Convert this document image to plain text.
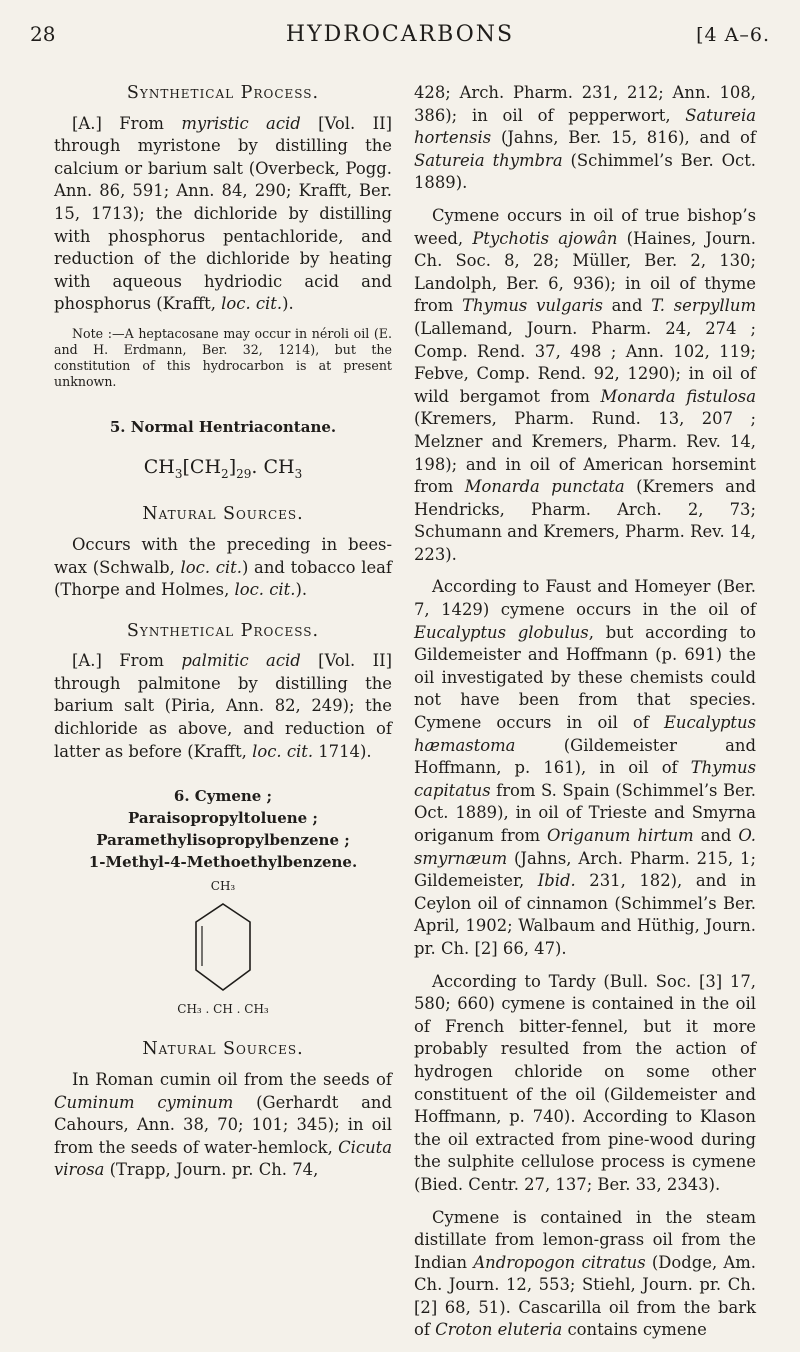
28	HYDROCARBONS	[4 A–6.
Synthetical Process.

[A.] From myristic acid [Vol. II] through myristone by distilling the calcium or barium salt (Overbeck, Pogg. Ann. 86, 591; Ann. 84, 290; Krafft, Ber. 15, 1713); the dichloride by distilling with phosphorus pentachloride, and reduction of the dichloride by heating with aqueous hydriodic acid and phosphorus (Krafft, loc. cit.).

Note :—A heptacosane may occur in néroli oil (E. and H. Erdmann, Ber. 32, 1214), but the constitution of this hydrocarbon is at present unknown.
5. Normal Hentriacontane.
$CH_3[CH_2]_{29}$. $CH_3$
Natural Sources.

Occurs with the preceding in bees-wax (Schwalb, loc. cit.) and tobacco leaf (Thorpe and Holmes, loc. cit.).

Synthetical Process.

[A.] From palmitic acid [Vol. II] through palmitone by distilling the barium salt (Piria, Ann. 82, 249); the dichloride as above, and reduction of latter as before (Krafft, loc. cit. 1714).

6. Cymene ;
Paraisopropyltoluene ;
Paramethylisopropylbenzene ;
1-Methyl-4-Methoethylbenzene.
CH₃
CH₃ . CH . CH₃
Natural Sources.

In Roman cumin oil from the seeds of Cuminum cyminum (Gerhardt and Cahours, Ann. 38, 70; 101; 345); in oil from the seeds of water-hemlock, Cicuta virosa (Trapp, Journ. pr. Ch. 74,

428; Arch. Pharm. 231, 212; Ann. 108, 386); in oil of pepperwort, Satureia hortensis (Jahns, Ber. 15, 816), and of Satureia thymbra (Schimmel’s Ber. Oct. 1889).

Cymene occurs in oil of true bishop’s weed, Ptychotis ajowân (Haines, Journ. Ch. Soc. 8, 28; Müller, Ber. 2, 130; Landolph, Ber. 6, 936); in oil of thyme from Thymus vulgaris and T. serpyllum (Lallemand, Journ. Pharm. 24, 274 ; Comp. Rend. 37, 498 ; Ann. 102, 119; Febve, Comp. Rend. 92, 1290); in oil of wild bergamot from Monarda fistulosa (Kremers, Pharm. Rund. 13, 207 ; Melzner and Kremers, Pharm. Rev. 14, 198); and in oil of American horsemint from Monarda punctata (Kremers and Hendricks, Pharm. Arch. 2, 73; Schumann and Kremers, Pharm. Rev. 14, 223).

According to Faust and Homeyer (Ber. 7, 1429) cymene occurs in the oil of Eucalyptus globulus, but according to Gildemeister and Hoffmann (p. 691) the oil investigated by these chemists could not have been from that species. Cymene occurs in oil of Eucalyptus hæmastoma (Gildemeister and Hoffmann, p. 161), in oil of Thymus capitatus from S. Spain (Schimmel’s Ber. Oct. 1889), in oil of Trieste and Smyrna origanum from Origanum hirtum and O. smyrnæum (Jahns, Arch. Pharm. 215, 1; Gildemeister, Ibid. 231, 182), and in Ceylon oil of cinnamon (Schimmel’s Ber. April, 1902; Walbaum and Hüthig, Journ. pr. Ch. [2] 66, 47).

According to Tardy (Bull. Soc. [3] 17, 580; 660) cymene is contained in the oil of French bitter-fennel, but it more probably resulted from the action of hydrogen chloride on some other constituent of the oil (Gildemeister and Hoffmann, p. 740). According to Klason the oil extracted from pine-wood during the sulphite cellulose process is cymene (Bied. Centr. 27, 137; Ber. 33, 2343).

Cymene is contained in the steam distillate from lemon-grass oil from the Indian Andropogon citratus (Dodge, Am. Ch. Journ. 12, 553; Stiehl, Journ. pr. Ch. [2] 68, 51). Cascarilla oil from the bark of Croton eluteria contains cymene
